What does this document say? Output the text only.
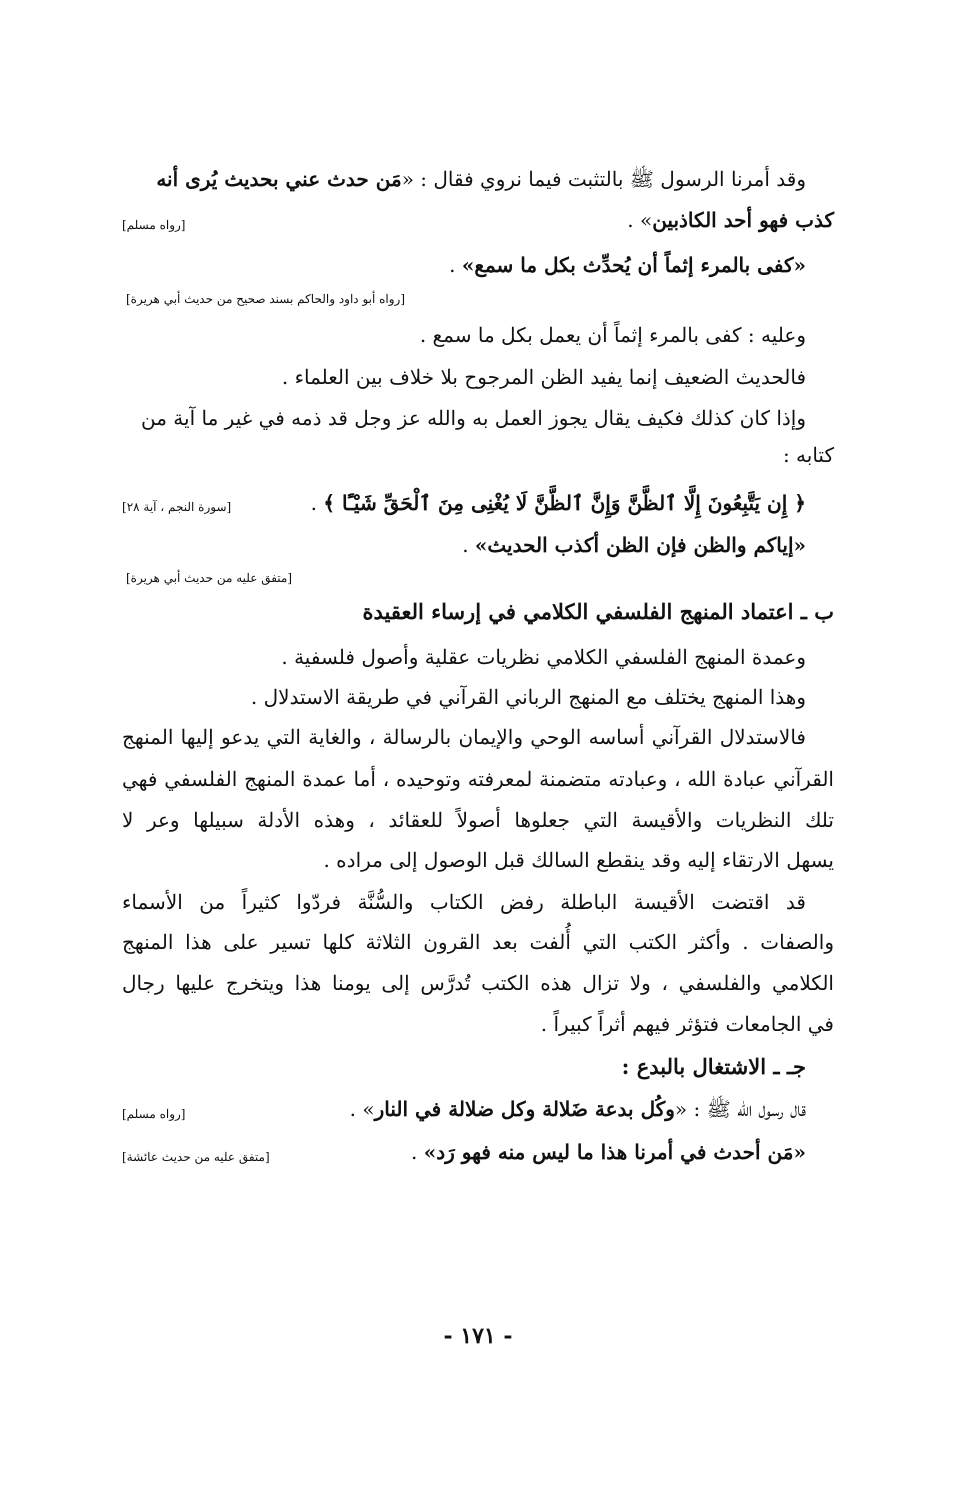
وقد أمرنا الرسول ﷺ بالتثبت فيما نروي فقال : «مَن حدث عني بحديث يُرى أنه
كذب فهو أحد الكاذبين» .
[رواه مسلم]
«كفى بالمرء إثماً أن يُحدِّث بكل ما سمع» .
[رواه أبو داود والحاكم بسند صحيح من حديث أبي هريرة]
وعليه : كفى بالمرء إثماً أن يعمل بكل ما سمع .
فالحديث الضعيف إنما يفيد الظن المرجوح بلا خلاف بين العلماء .
وإذا كان كذلك فكيف يقال يجوز العمل به والله عز وجل قد ذمه في غير ما آية من
كتابه :
﴿ إِن يَتَّبِعُونَ إِلَّا ٱلظَّنَّ وَإِنَّ ٱلظَّنَّ لَا يُغْنِى مِنَ ٱلْحَقِّ شَيْـًٔا ﴾ .
[سورة النجم ، آية ٢٨]
«إياكم والظن فإن الظن أكذب الحديث» .
[متفق عليه من حديث أبي هريرة]
ب ـ اعتماد المنهج الفلسفي الكلامي في إرساء العقيدة
وعمدة المنهج الفلسفي الكلامي نظريات عقلية وأصول فلسفية .
وهذا المنهج يختلف مع المنهج الرباني القرآني في طريقة الاستدلال .
فالاستدلال القرآني أساسه الوحي والإيمان بالرسالة ، والغاية التي يدعو إليها المنهج
القرآني عبادة الله ، وعبادته متضمنة لمعرفته وتوحيده ، أما عمدة المنهج الفلسفي فهي
تلك النظريات والأقيسة التي جعلوها أصولاً للعقائد ، وهذه الأدلة سبيلها وعر لا
يسهل الارتقاء إليه وقد ينقطع السالك قبل الوصول إلى مراده .
قد اقتضت الأقيسة الباطلة رفض الكتاب والسُّنَّة فردّوا كثيراً من الأسماء
والصفات . وأكثر الكتب التي أُلفت بعد القرون الثلاثة كلها تسير على هذا المنهج
الكلامي والفلسفي ، ولا تزال هذه الكتب تُدرَّس إلى يومنا هذا ويتخرج عليها رجال
في الجامعات فتؤثر فيهم أثراً كبيراً .
جـ ـ الاشتغال بالبدع :
قال رسول الله ﷺ : «وكُل بدعة ضَلالة وكل ضلالة في النار» .
[رواه مسلم]
«مَن أحدث في أمرنا هذا ما ليس منه فهو رَد» .
[متفق عليه من حديث عائشة]
- ١٧١ -
